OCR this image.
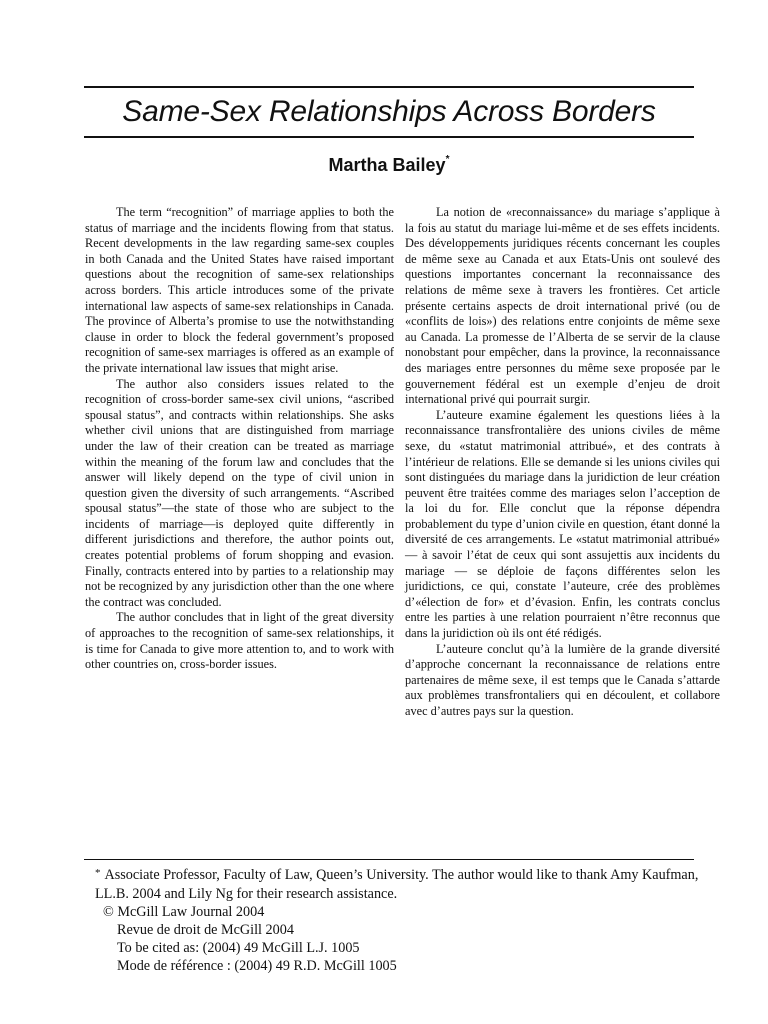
Same-Sex Relationships Across Borders
Martha Bailey*

The term “recognition” of marriage applies to both the status of marriage and the incidents flowing from that status. Recent developments in the law regarding same-sex couples in both Canada and the United States have raised important questions about the recognition of same-sex relationships across borders. This article introduces some of the private international law aspects of same-sex relationships in Canada. The province of Alberta’s promise to use the notwithstanding clause in order to block the federal government’s proposed recognition of same-sex marriages is offered as an example of the private international law issues that might arise.

The author also considers issues related to the recognition of cross-border same-sex civil unions, “ascribed spousal status”, and contracts within relationships. She asks whether civil unions that are distinguished from marriage under the law of their creation can be treated as marriage within the meaning of the forum law and concludes that the answer will likely depend on the type of civil union in question given the diversity of such arrangements. “Ascribed spousal status”—the state of those who are subject to the incidents of marriage—is deployed quite differently in different jurisdictions and therefore, the author points out, creates potential problems of forum shopping and evasion. Finally, contracts entered into by parties to a relationship may not be recognized by any jurisdiction other than the one where the contract was concluded.

The author concludes that in light of the great diversity of approaches to the recognition of same-sex relationships, it is time for Canada to give more attention to, and to work with other countries on, cross-border issues.

La notion de «reconnaissance» du mariage s’applique à la fois au statut du mariage lui-même et de ses effets incidents. Des développements juridiques récents concernant les couples de même sexe au Canada et aux Etats-Unis ont soulevé des questions importantes concernant la reconnaissance des relations de même sexe à travers les frontières. Cet article présente certains aspects de droit international privé (ou de «conflits de lois») des relations entre conjoints de même sexe au Canada. La promesse de l’Alberta de se servir de la clause nonobstant pour empêcher, dans la province, la reconnaissance des mariages entre personnes du même sexe proposée par le gouvernement fédéral est un exemple d’enjeu de droit international privé qui pourrait surgir.

L’auteure examine également les questions liées à la reconnaissance transfrontalière des unions civiles de même sexe, du «statut matrimonial attribué», et des contrats à l’intérieur de relations. Elle se demande si les unions civiles qui sont distinguées du mariage dans la juridiction de leur création peuvent être traitées comme des mariages selon l’acception de la loi du for. Elle conclut que la réponse dépendra probablement du type d’union civile en question, étant donné la diversité de ces arrangements. Le «statut matrimonial attribué» — à savoir l’état de ceux qui sont assujettis aux incidents du mariage — se déploie de façons différentes selon les juridictions, ce qui, constate l’auteure, crée des problèmes d’«élection de for» et d’évasion. Enfin, les contrats conclus entre les parties à une relation pourraient n’être reconnus que dans la juridiction où ils ont été rédigés.

L’auteure conclut qu’à la lumière de la grande diversité d’approche concernant la reconnaissance de relations entre partenaires de même sexe, il est temps que le Canada s’attarde aux problèmes transfrontaliers qui en découlent, et collabore avec d’autres pays sur la question.

* Associate Professor, Faculty of Law, Queen’s University. The author would like to thank Amy Kaufman, LL.B. 2004 and Lily Ng for their research assistance.

© McGill Law Journal 2004

Revue de droit de McGill 2004

To be cited as: (2004) 49 McGill L.J. 1005

Mode de référence : (2004) 49 R.D. McGill 1005
